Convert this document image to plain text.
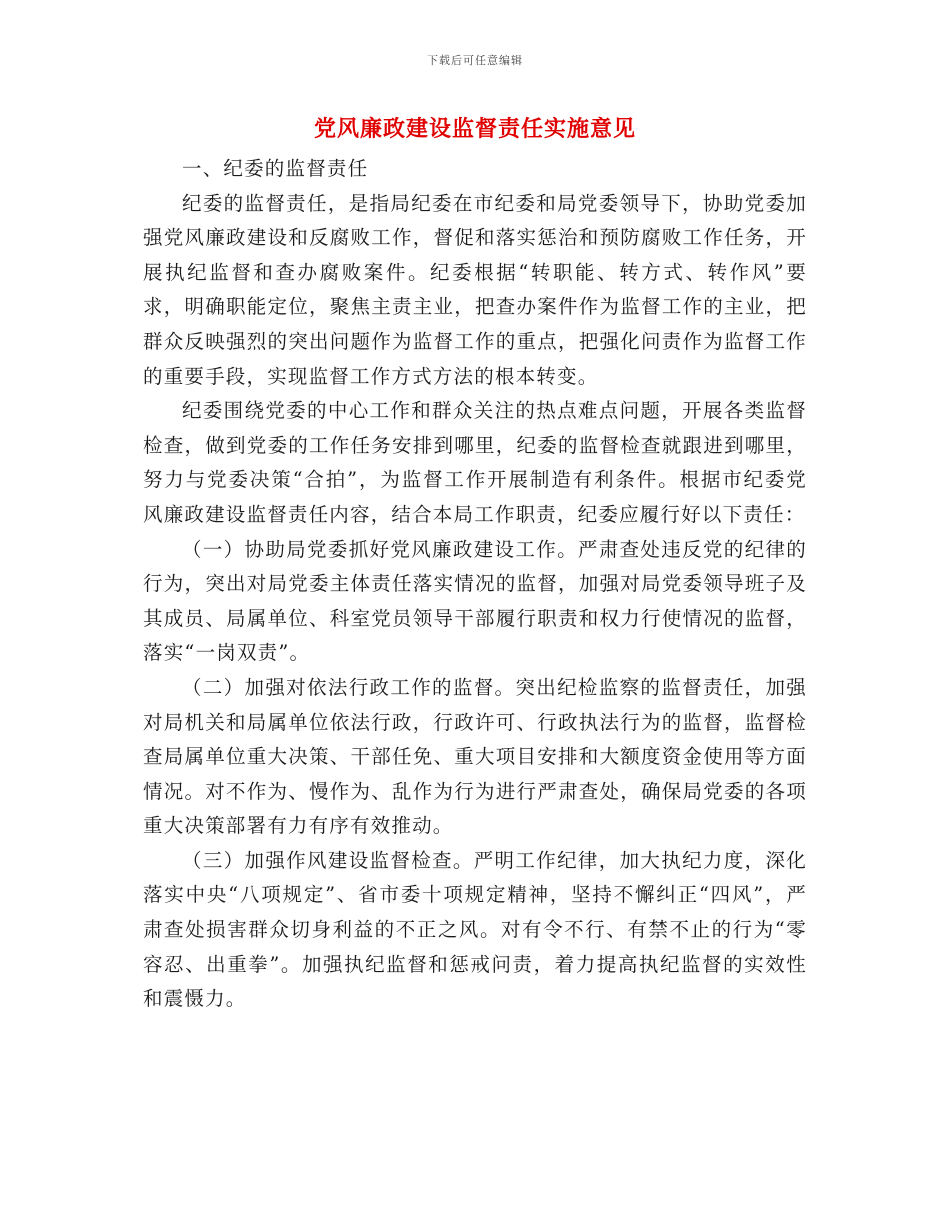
下载后可任意编辑
党风廉政建设监督责任实施意见

一、纪委的监督责任

纪委的监督责任，是指局纪委在市纪委和局党委领导下，协助党委加强党风廉政建设和反腐败工作，督促和落实惩治和预防腐败工作任务，开展执纪监督和查办腐败案件。纪委根据“转职能、转方式、转作风”要求，明确职能定位，聚焦主责主业，把查办案件作为监督工作的主业，把群众反映强烈的突出问题作为监督工作的重点，把强化问责作为监督工作的重要手段，实现监督工作方式方法的根本转变。

纪委围绕党委的中心工作和群众关注的热点难点问题，开展各类监督检查，做到党委的工作任务安排到哪里，纪委的监督检查就跟进到哪里，努力与党委决策“合拍”，为监督工作开展制造有利条件。根据市纪委党风廉政建设监督责任内容，结合本局工作职责，纪委应履行好以下责任：

（一）协助局党委抓好党风廉政建设工作。严肃查处违反党的纪律的行为，突出对局党委主体责任落实情况的监督，加强对局党委领导班子及其成员、局属单位、科室党员领导干部履行职责和权力行使情况的监督，落实“一岗双责”。

（二）加强对依法行政工作的监督。突出纪检监察的监督责任，加强对局机关和局属单位依法行政，行政许可、行政执法行为的监督，监督检查局属单位重大决策、干部任免、重大项目安排和大额度资金使用等方面情况。对不作为、慢作为、乱作为行为进行严肃查处，确保局党委的各项重大决策部署有力有序有效推动。

（三）加强作风建设监督检查。严明工作纪律，加大执纪力度，深化落实中央“八项规定”、省市委十项规定精神，坚持不懈纠正“四风”，严肃查处损害群众切身利益的不正之风。对有令不行、有禁不止的行为“零容忍、出重拳”。加强执纪监督和惩戒问责，着力提高执纪监督的实效性和震慑力。
